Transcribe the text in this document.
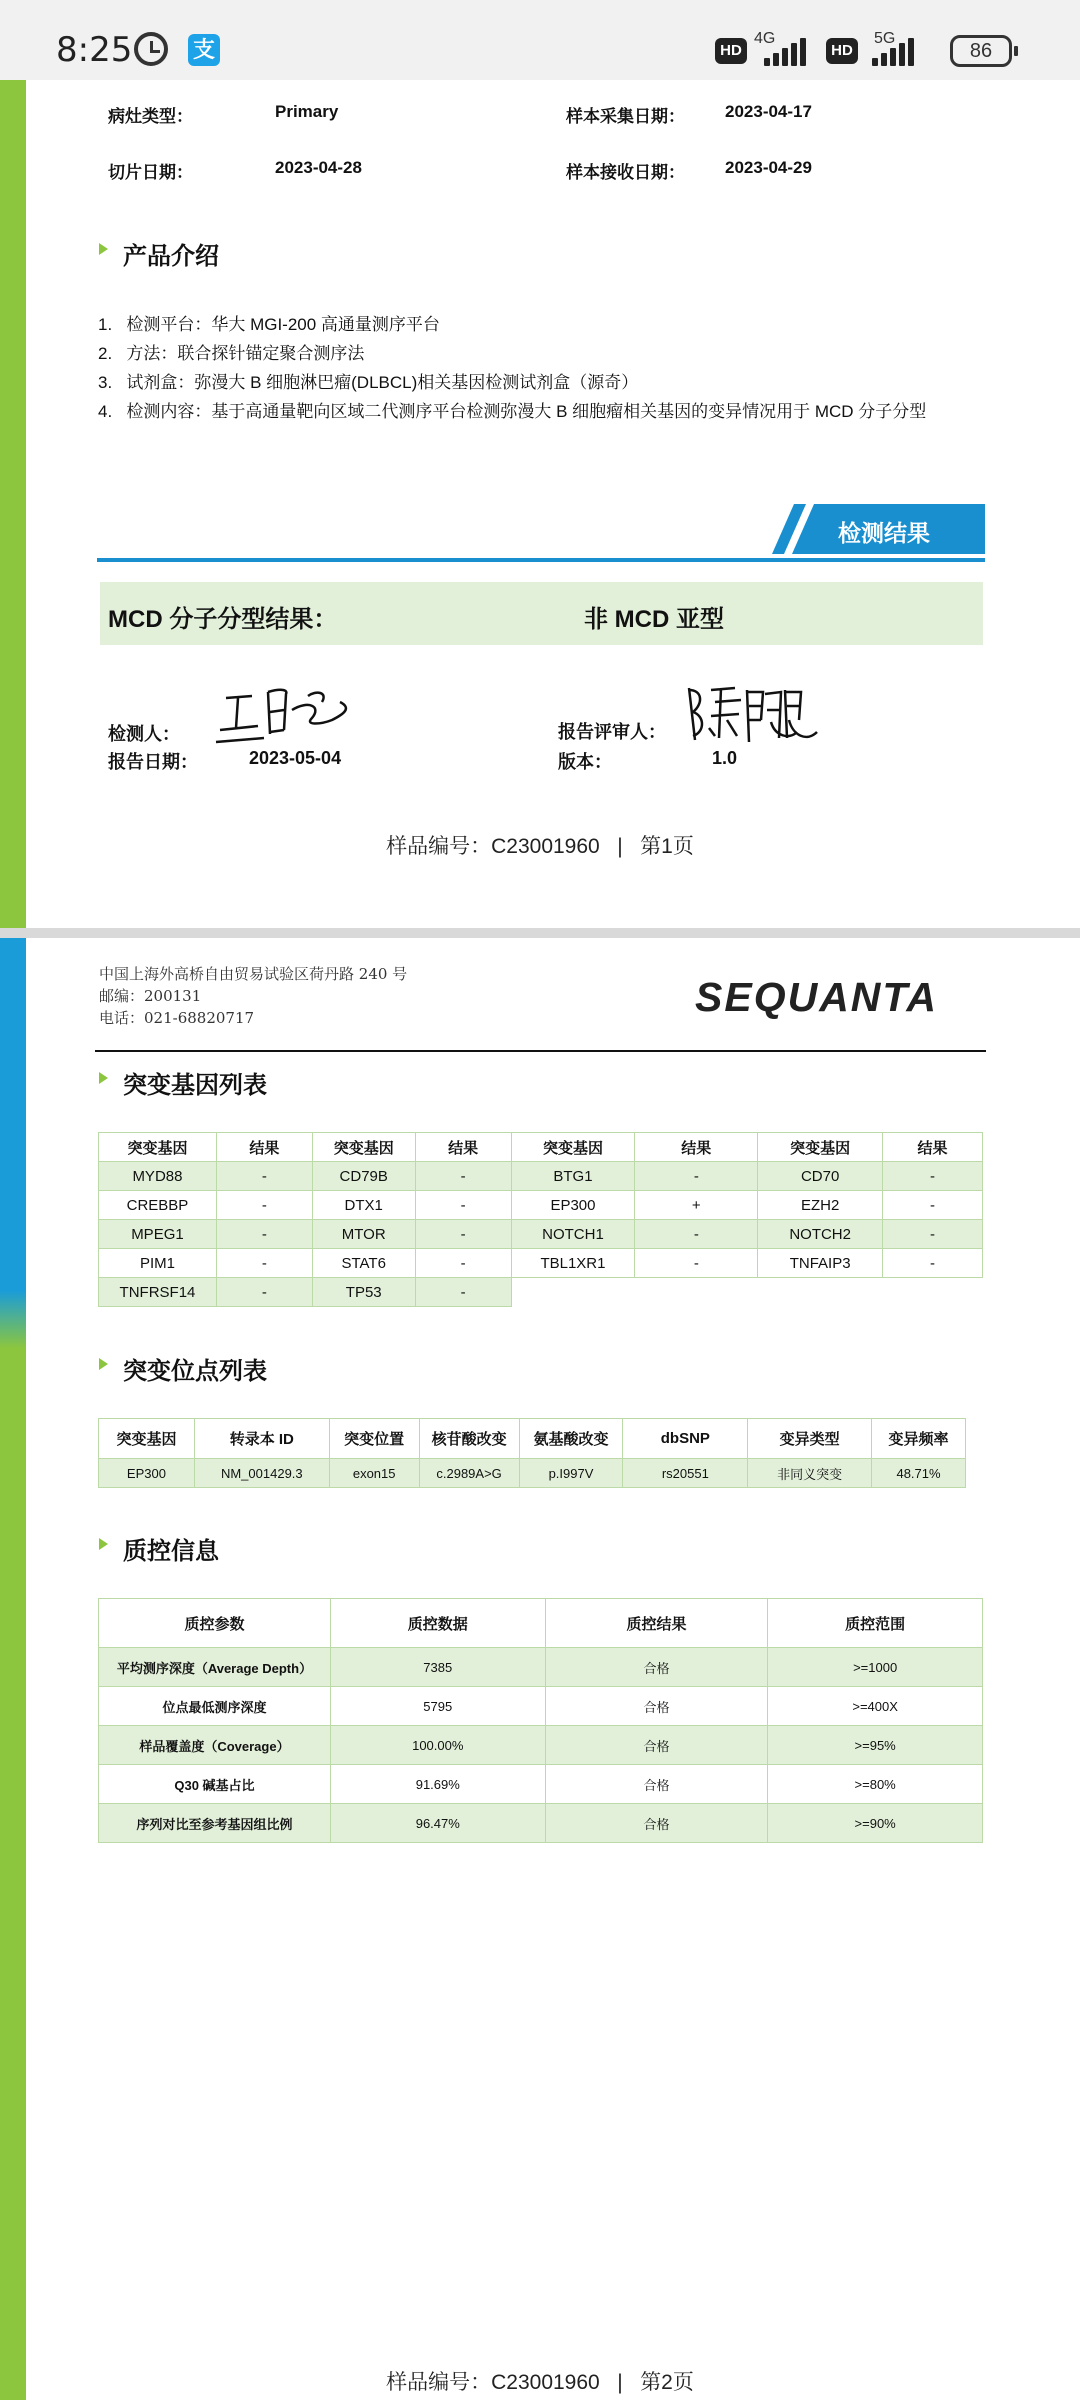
8:25	支	HD
4G
HD
5G
86
病灶类型：	Primary	样本采集日期： 2023-04-17
切片日期：	2023-04-28	样本接收日期： 2023-04-29
产品介绍
1.   检测平台：华大 MGI-200 高通量测序平台
2.   方法：联合探针锚定聚合测序法
3.   试剂盒：弥漫大 B 细胞淋巴瘤(DLBCL)相关基因检测试剂盒（源奇）
4.   检测内容：基于高通量靶向区域二代测序平台检测弥漫大 B 细胞瘤相关基因的变异情况用于 MCD 分子分型
检测结果
MCD 分子分型结果：	非 MCD 亚型
检测人：	报告评审人：
报告日期：	2023-05-04	版本：	1.0
样品编号：C23001960   |   第1页
中国上海外高桥自由贸易试验区荷丹路 240 号
邮编：200131
电话：021-68820717	SEQUANTA
突变基因列表
突变基因	结果	突变基因	结果	突变基因	结果	突变基因	结果
MYD88	-	CD79B	-	BTG1	-	CD70	-
CREBBP	-	DTX1	-	EP300	+	EZH2	-
MPEG1	-	MTOR	-	NOTCH1	-	NOTCH2	-
PIM1	-	STAT6	-	TBL1XR1	-	TNFAIP3	-
TNFRSF14	-	TP53	-				
突变位点列表
突变基因	转录本 ID	突变位置	核苷酸改变	氨基酸改变	dbSNP	变异类型	变异频率
EP300	NM_001429.3	exon15	c.2989A>G	p.I997V	rs20551	非同义突变	48.71%
质控信息
质控参数	质控数据	质控结果	质控范围
平均测序深度（Average Depth）	7385	合格	>=1000
位点最低测序深度	5795	合格	>=400X
样品覆盖度（Coverage）	100.00%	合格	>=95%
Q30 碱基占比	91.69%	合格	>=80%
序列对比至参考基因组比例	96.47%	合格	>=90%
样品编号：C23001960   |   第2页
